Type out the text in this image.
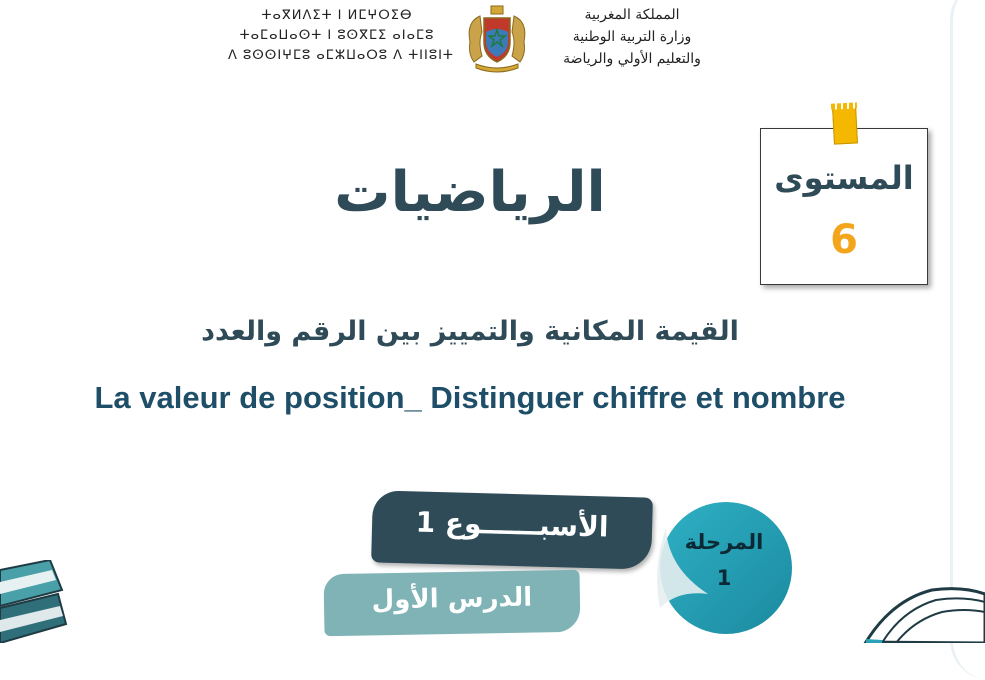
ⵜⴰⴳⵍⴷⵉⵜ ⵏ ⵍⵎⵖⵔⵉⴱ
ⵜⴰⵎⴰⵡⴰⵙⵜ ⵏ ⵓⵙⴳⵎⵉ ⴰⵏⴰⵎⵓ
ⴷ ⵓⵙⵙⵏⵖⵎⵓ ⴰⵎⵣⵡⴰⵔⵓ ⴷ ⵜⵏⵏⵓⵏⵜ
المملكة المغربية
وزارة التربية الوطنية
والتعليم الأولي والرياضة
المستوى
6
الرياضيات
القيمة المكانية والتمييز بين الرقم والعدد
La valeur de position_ Distinguer chiffre et nombre
الأسبــــــوع 1
الدرس الأول
المرحلة
1
